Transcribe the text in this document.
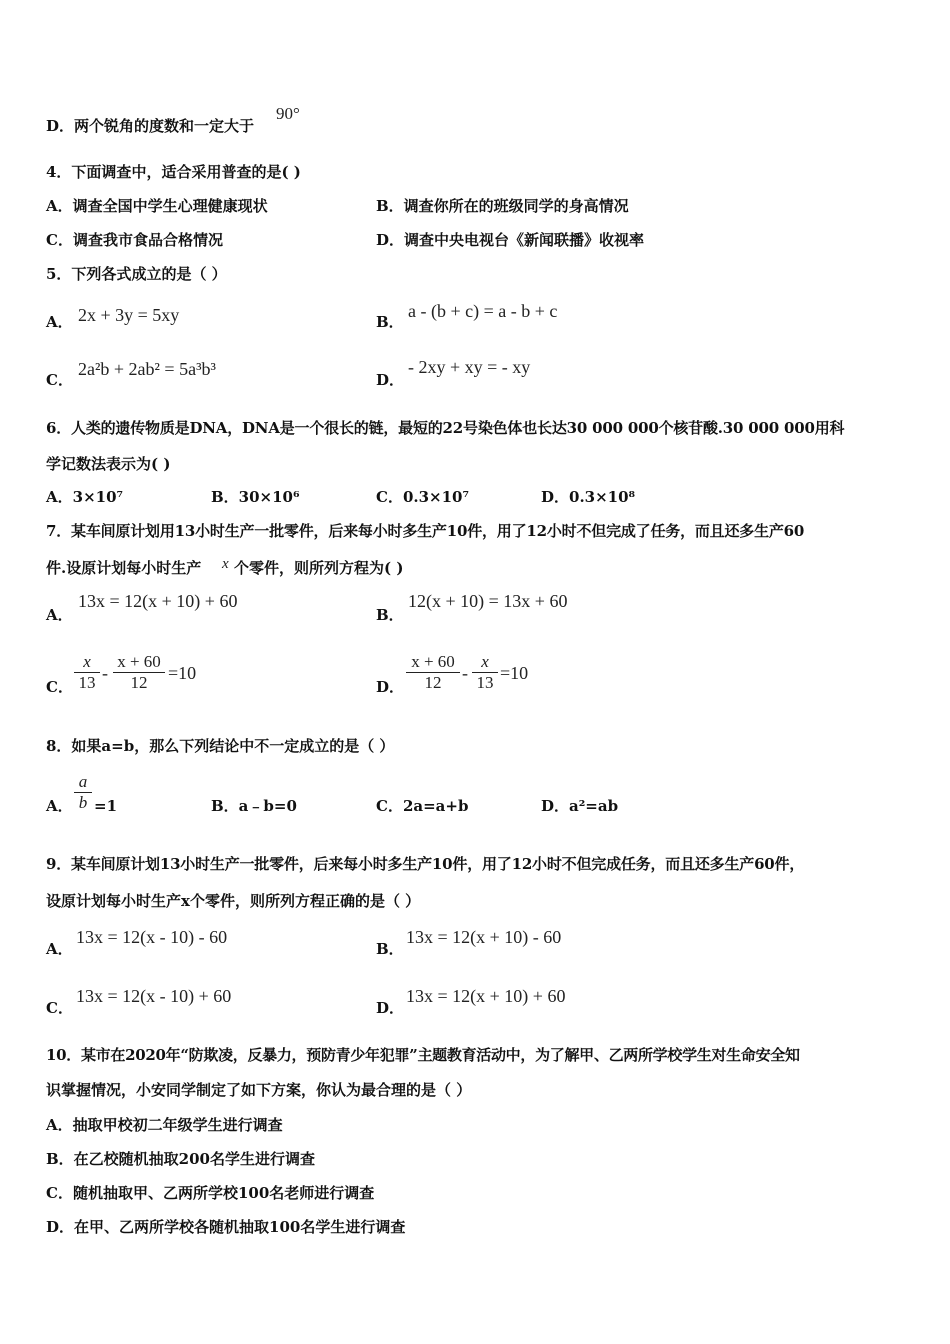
D． 两个锐角的度数和一定大于
90°
4．下面调查中，适合采用普查的是( )
A．调查全国中学生心理健康现状	B．调查你所在的班级同学的身高情况
C．调查我市食品合格情况	D．调查中央电视台《新闻联播》收视率
5．下列各式成立的是（ ）
A． 2x + 3y = 5xy	B．
a - (b + c) = a - b + c
C．
2a²b + 2ab² = 5a³b³
D．
- 2xy + xy = - xy
6．人类的遗传物质是DNA，DNA是一个很长的链，最短的22号染色体也长达30 000 000个核苷酸.30 000 000用科
学记数法表示为( )
A．3×10⁷	B．30×10⁶	C．0.3×10⁷	D．0.3×10⁸
7．某车间原计划用13小时生产一批零件，后来每小时多生产10件，用了12小时不但完成了任务，而且还多生产60
件.设原计划每小时生产 x 个零件，则所列方程为( )
A．
13x = 12(x + 10) + 60
B．
12(x + 10) = 13x + 60
C． $\frac{x}{13} - \frac{x + 60}{12} =10$
D． $\frac{x + 60}{12} - \frac{x}{13} =10$
8．如果a=b，那么下列结论中不一定成立的是（ ）
A． $\frac{a}{b} =1$	B．a﹣b=0	C．2a=a+b	D．a²=ab
9．某车间原计划13小时生产一批零件，后来每小时多生产10件，用了12小时不但完成任务，而且还多生产60件，
设原计划每小时生产x个零件，则所列方程正确的是（ ）
A．
13x = 12(x - 10) - 60
B．
13x = 12(x + 10) - 60
C．
13x = 12(x - 10) + 60
D．
13x = 12(x + 10) + 60
10．某市在2020年“防欺凌，反暴力，预防青少年犯罪”主题教育活动中，为了解甲、乙两所学校学生对生命安全知
识掌握情况，小安同学制定了如下方案，你认为最合理的是（ ）
A．抽取甲校初二年级学生进行调查
B．在乙校随机抽取200名学生进行调查
C．随机抽取甲、乙两所学校100名老师进行调查
D．在甲、乙两所学校各随机抽取100名学生进行调查
